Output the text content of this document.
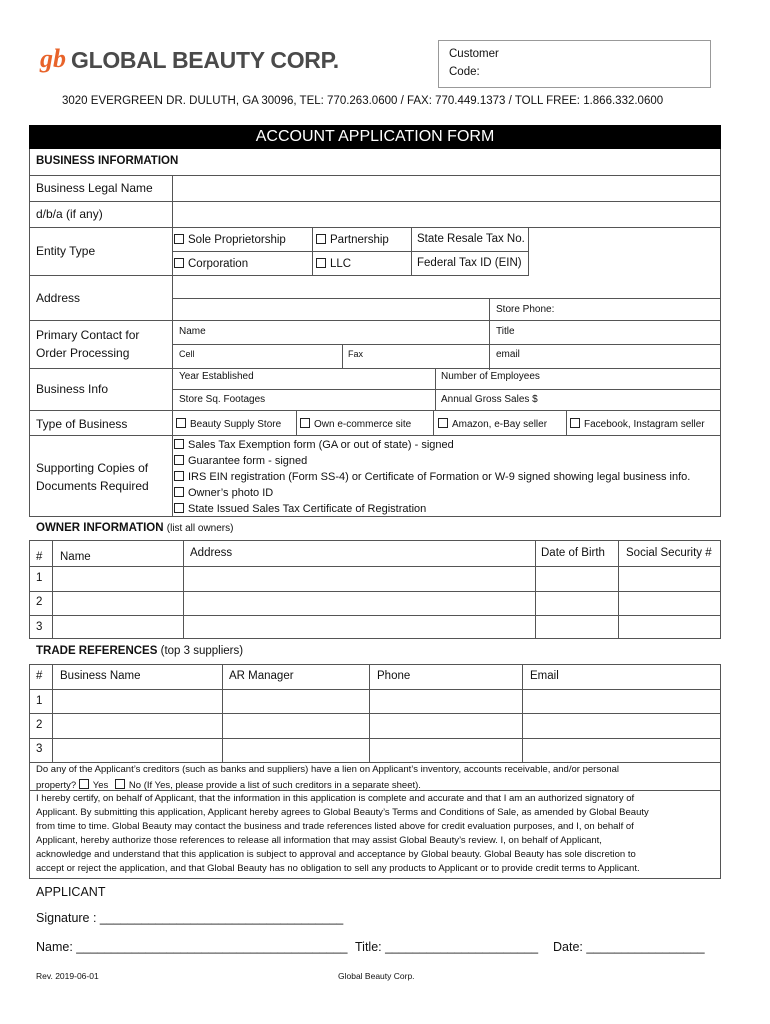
gb GLOBAL BEAUTY CORP.	Customer
Code:
3020 EVERGREEN DR. DULUTH, GA 30096, TEL: 770.263.0600 / FAX: 770.449.1373 / TOLL FREE: 1.866.332.0600
ACCOUNT APPLICATION FORM
BUSINESS INFORMATION
Business Legal Name
d/b/a (if any)
Entity Type
Sole Proprietorship	Partnership State Resale Tax No.
Corporation	LLC	Federal Tax ID (EIN)
Address
Store Phone:
Primary Contact for
Order Processing
Name	Title
Cell	Fax	email
Business Info
Year Established	Number of Employees
Store Sq. Footages	Annual Gross Sales $
Type of Business	Beauty Supply Store	Own e-commerce site	Amazon, e-Bay seller	Facebook, Instagram seller
Supporting Copies of
Documents Required
Sales Tax Exemption form (GA or out of state) - signed
Guarantee form - signed
IRS EIN registration (Form SS-4) or Certificate of Formation or W-9 signed showing legal business info.
Owner’s photo ID
State Issued Sales Tax Certificate of Registration
OWNER INFORMATION (list all owners)
# Name	Address	Date of Birth Social Security #
1
2
3
TRADE REFERENCES (top 3 suppliers)
# Business Name	AR Manager	Phone	Email
1
2
3
Do any of the Applicant’s creditors (such as banks and suppliers) have a lien on Applicant’s inventory, accounts receivable, and/or personal
property? Yes No (If Yes, please provide a list of such creditors in a separate sheet).
I hereby certify, on behalf of Applicant, that the information in this application is complete and accurate and that I am an authorized signatory of
Applicant. By submitting this application, Applicant hereby agrees to Global Beauty’s Terms and Conditions of Sale, as amended by Global Beauty
from time to time. Global Beauty may contact the business and trade references listed above for credit evaluation purposes, and I, on behalf of
Applicant, hereby authorize those references to release all information that may assist Global Beauty’s review. I, on behalf of Applicant,
acknowledge and understand that this application is subject to approval and acceptance by Global beauty. Global Beauty has sole discretion to
accept or reject the application, and that Global Beauty has no obligation to sell any products to Applicant or to provide credit terms to Applicant.
APPLICANT
Signature : ___________________________________
Name: _______________________________________ Title: ______________________ Date: _________________
Rev. 2019-06-01	Global Beauty Corp.
